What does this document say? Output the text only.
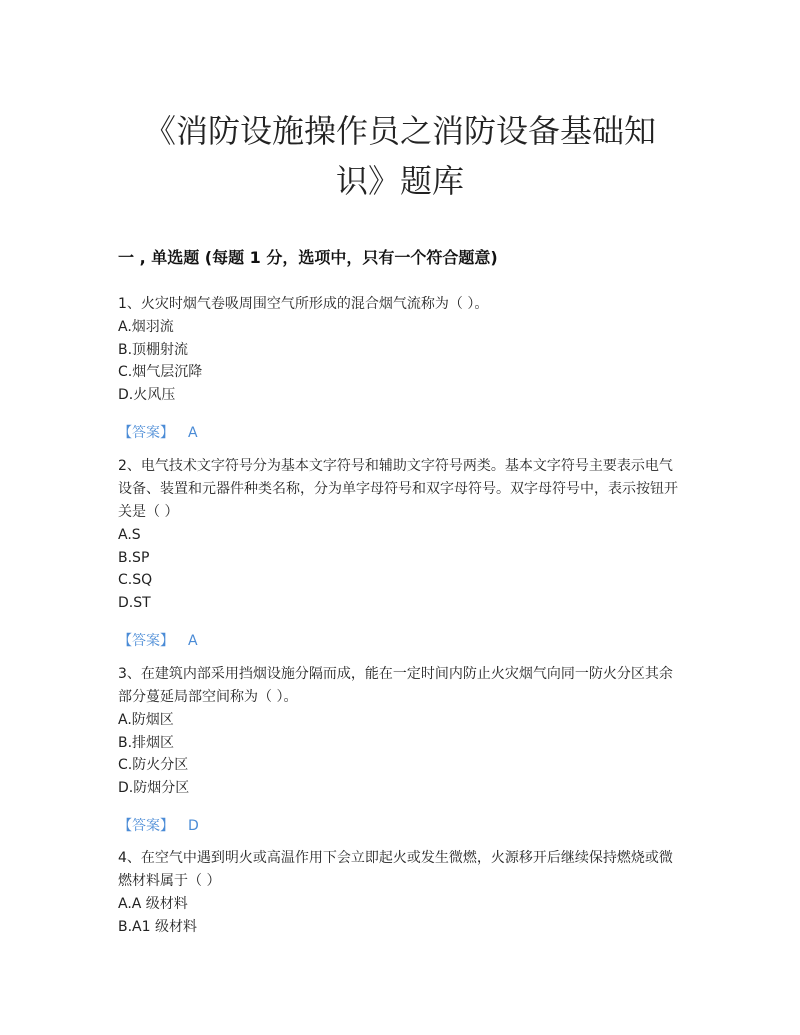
《消防设施操作员之消防设备基础知
识》题库
一 , 单选题 (每题 1 分，选项中，只有一个符合题意)

1、火灾时烟气卷吸周围空气所形成的混合烟气流称为（ ）。

A.烟羽流

B.顶棚射流

C.烟气层沉降

D.火风压

【答案】 A

2、电气技术文字符号分为基本文字符号和辅助文字符号两类。基本文字符号主要表示电气设备、装置和元器件种类名称，分为单字母符号和双字母符号。双字母符号中，表示按钮开关是（ ）

A.S

B.SP

C.SQ

D.ST

【答案】 A

3、在建筑内部采用挡烟设施分隔而成，能在一定时间内防止火灾烟气向同一防火分区其余部分蔓延局部空间称为（ ）。

A.防烟区

B.排烟区

C.防火分区

D.防烟分区

【答案】 D

4、在空气中遇到明火或高温作用下会立即起火或发生微燃，火源移开后继续保持燃烧或微燃材料属于（ ）

A.A 级材料

B.A1 级材料
